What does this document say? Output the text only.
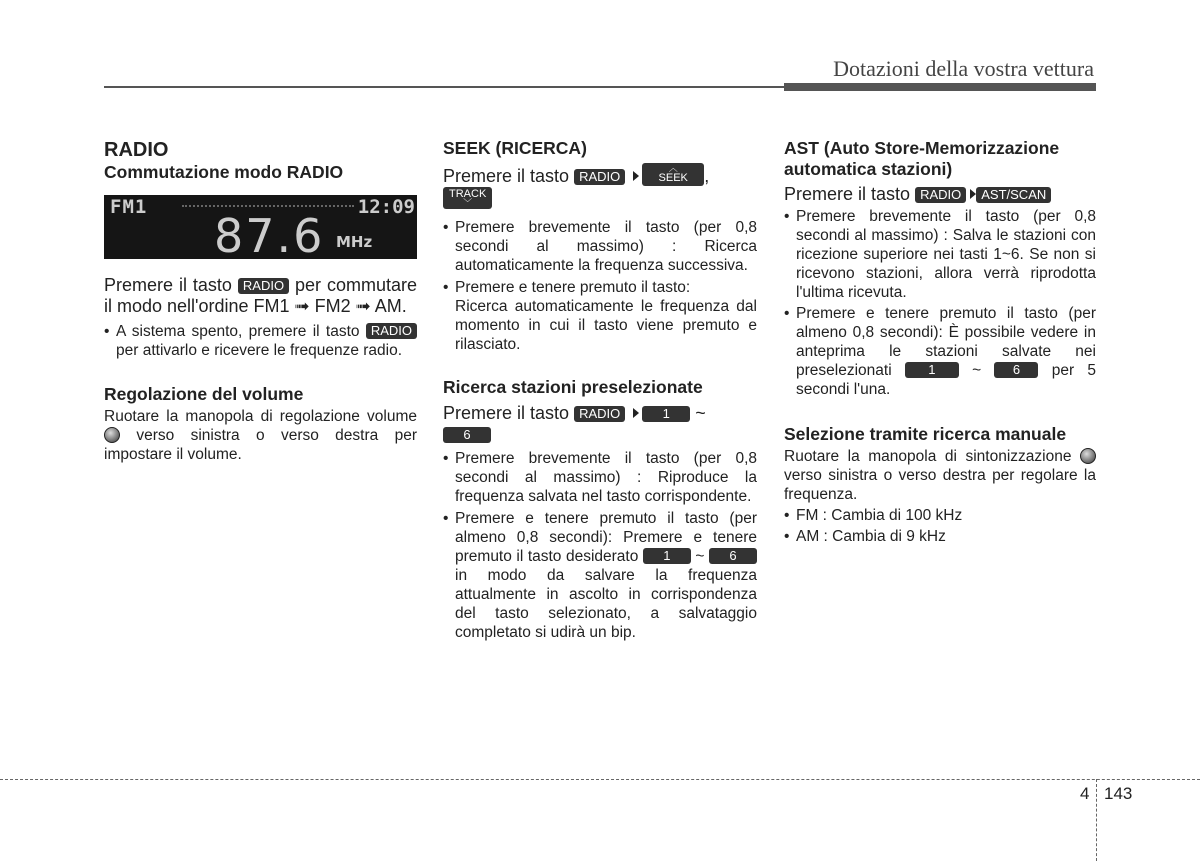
Dotazioni della vostra vettura
RADIO
Commutazione modo RADIO
FM1	12:09
87.6 MHz

Premere il tasto RADIO per commutare il modo nell'ordine FM1 ➟ FM2 ➟ AM.

• A sistema spento, premere il tasto RADIO per attivarlo e ricevere le frequenze radio.
Regolazione del volume

Ruotare la manopola di regolazione volume  verso sinistra o verso destra per impostare il volume.

SEEK (RICERCA)

Premere il tasto RADIO
︿
SEEK , TRACK
﹀

• Premere brevemente il tasto (per 0,8 secondi al massimo) : Ricerca automaticamente la frequenza successiva.
• Premere e tenere premuto il tasto:
Ricerca automaticamente le frequenza dal momento in cui il tasto viene premuto e rilasciato.
Ricerca stazioni preselezionate

Premere il tasto RADIO	1 ~ 6

• Premere brevemente il tasto (per 0,8 secondi al massimo) : Riproduce la frequenza salvata nel tasto corrispondente.
• Premere e tenere premuto il tasto (per almeno 0,8 secondi): Premere e tenere premuto il tasto desiderato 1 ~ 6 in modo da salvare la frequenza attualmente in ascolto in corrispondenza del tasto selezionato, a salvataggio completato si udirà un bip.
AST (Auto Store-Memorizzazione automatica stazioni)

Premere il tasto RADIO AST/SCAN

• Premere brevemente il tasto (per 0,8 secondi al massimo) : Salva le stazioni con ricezione superiore nei tasti 1~6. Se non si ricevono stazioni, allora verrà riprodotta l'ultima ricevuta.
• Premere e tenere premuto il tasto (per almeno 0,8 secondi): È possibile vedere in anteprima le stazioni salvate nei preselezionati	1 ~ 6 per 5 secondi l'una.
Selezione tramite ricerca manuale

Ruotare la manopola di sintonizzazione  verso sinistra o verso destra per regolare la frequenza.

• FM : Cambia di 100 kHz
• AM : Cambia di 9 kHz
4 143
